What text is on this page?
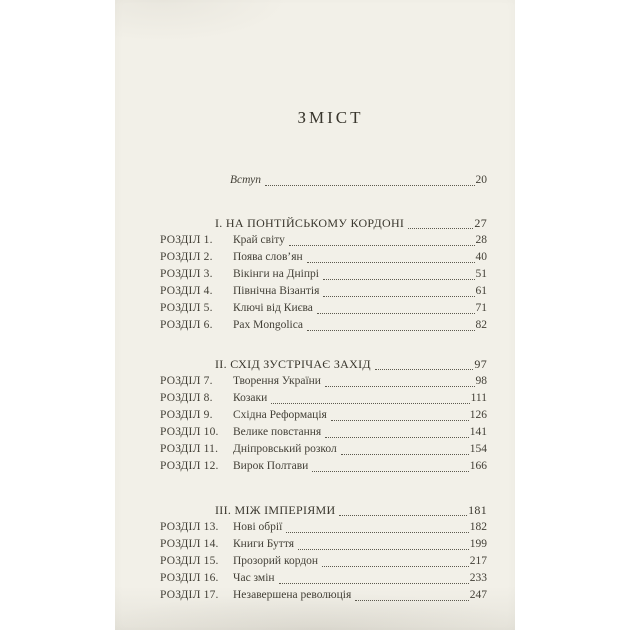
ЗМІСТ
Вступ	20
І. НА ПОНТІЙСЬКОМУ КОРДОНІ	27
РОЗДІЛ 1.	Край світу	28
РОЗДІЛ 2.	Поява слов’ян	40
РОЗДІЛ 3.	Вікінги на Дніпрі	51
РОЗДІЛ 4.	Північна Візантія	61
РОЗДІЛ 5.	Ключі від Києва	71
РОЗДІЛ 6.	Pax Mongolica	82
ІІ. СХІД ЗУСТРІЧАЄ ЗАХІД	97
РОЗДІЛ 7.	Творення України	98
РОЗДІЛ 8.	Козаки	111
РОЗДІЛ 9.	Східна Реформація	126
РОЗДІЛ 10.	Велике повстання	141
РОЗДІЛ 11.	Дніпровський розкол	154
РОЗДІЛ 12.	Вирок Полтави	166
ІІІ. МІЖ ІМПЕРІЯМИ	181
РОЗДІЛ 13.	Нові обрії	182
РОЗДІЛ 14.	Книги Буття	199
РОЗДІЛ 15.	Прозорий кордон	217
РОЗДІЛ 16.	Час змін	233
РОЗДІЛ 17.	Незавершена революція	247
